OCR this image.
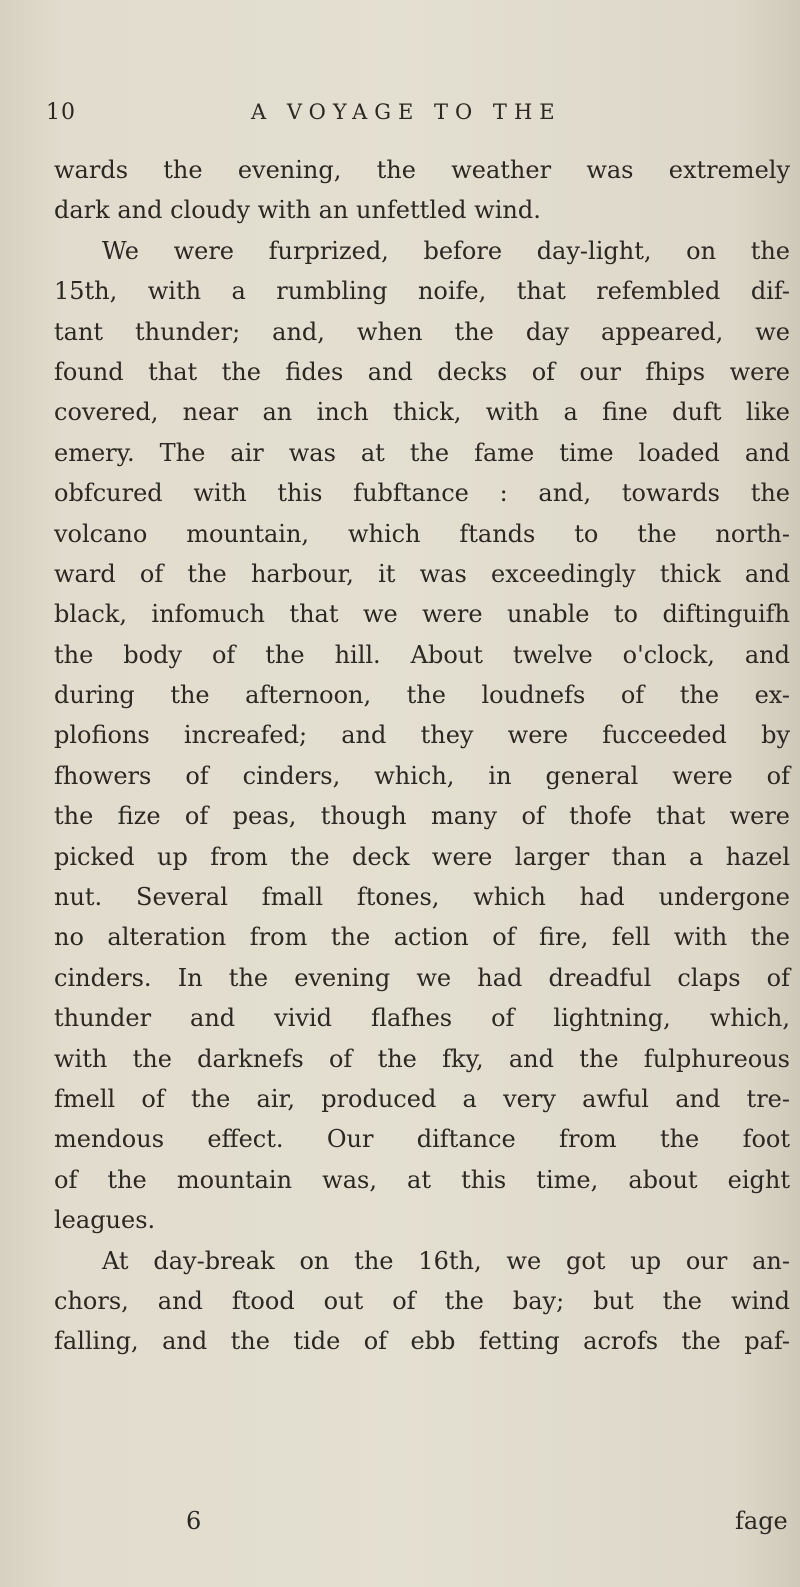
10	A VOYAGE TO THE
wards the evening, the weather was extremely
dark and cloudy with an unfettled wind.
We were furprized, before day-light, on the
15th, with a rumbling noife, that refembled dif-
tant thunder; and, when the day appeared, we
found that the fides and decks of our fhips were
covered, near an inch thick, with a fine duft like
emery. The air was at the fame time loaded and
obfcured with this fubftance : and, towards the
volcano mountain, which ftands to the north-
ward of the harbour, it was exceedingly thick and
black, infomuch that we were unable to diftinguifh
the body of the hill. About twelve o'clock, and
during the afternoon, the loudnefs of the ex-
plofions increafed; and they were fucceeded by
fhowers of cinders, which, in general were of
the fize of peas, though many of thofe that were
picked up from the deck were larger than a hazel
nut. Several fmall ftones, which had undergone
no alteration from the action of fire, fell with the
cinders. In the evening we had dreadful claps of
thunder and vivid flafhes of lightning, which,
with the darknefs of the fky, and the fulphureous
fmell of the air, produced a very awful and tre-
mendous effect. Our diftance from the foot
of the mountain was, at this time, about eight
leagues.
At day-break on the 16th, we got up our an-
chors, and ftood out of the bay; but the wind
falling, and the tide of ebb fetting acrofs the paf-
6	fage
